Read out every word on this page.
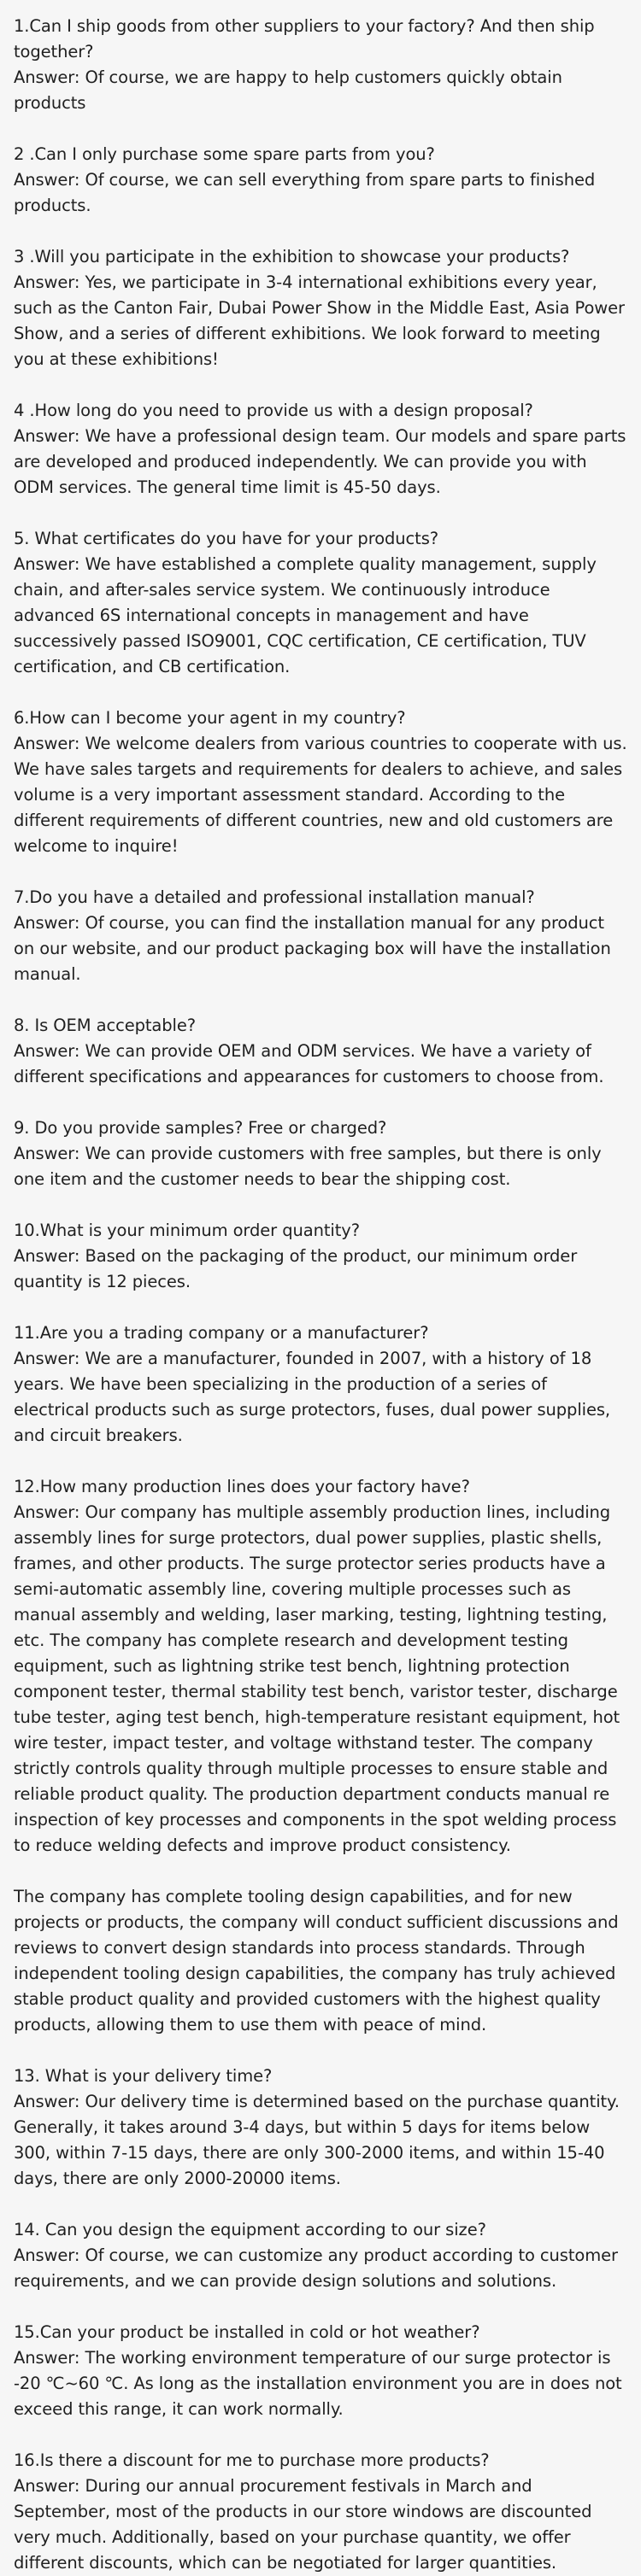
1.Can I ship goods from other suppliers to your factory? And then ship together?

Answer: Of course, we are happy to help customers quickly obtain products

2 .Can I only purchase some spare parts from you?

Answer: Of course, we can sell everything from spare parts to finished products.

3 .Will you participate in the exhibition to showcase your products?

Answer: Yes, we participate in 3-4 international exhibitions every year, such as the Canton Fair, Dubai Power Show in the Middle East, Asia Power Show, and a series of different exhibitions. We look forward to meeting you at these exhibitions!

4 .How long do you need to provide us with a design proposal?

Answer: We have a professional design team. Our models and spare parts are developed and produced independently. We can provide you with ODM services. The general time limit is 45-50 days.

5. What certificates do you have for your products?

Answer: We have established a complete quality management, supply chain, and after-sales service system. We continuously introduce advanced 6S international concepts in management and have successively passed ISO9001, CQC certification, CE certification, TUV certification, and CB certification.

6.How can I become your agent in my country?

Answer: We welcome dealers from various countries to cooperate with us. We have sales targets and requirements for dealers to achieve, and sales volume is a very important assessment standard. According to the different requirements of different countries, new and old customers are welcome to inquire!

7.Do you have a detailed and professional installation manual?

Answer: Of course, you can find the installation manual for any product on our website, and our product packaging box will have the installation manual.

8. Is OEM acceptable?

Answer: We can provide OEM and ODM services. We have a variety of different specifications and appearances for customers to choose from.

9. Do you provide samples? Free or charged?

Answer: We can provide customers with free samples, but there is only one item and the customer needs to bear the shipping cost.

10.What is your minimum order quantity?

Answer: Based on the packaging of the product, our minimum order quantity is 12 pieces.

11.Are you a trading company or a manufacturer?

Answer: We are a manufacturer, founded in 2007, with a history of 18 years. We have been specializing in the production of a series of electrical products such as surge protectors, fuses, dual power supplies, and circuit breakers.

12.How many production lines does your factory have?

Answer: Our company has multiple assembly production lines, including assembly lines for surge protectors, dual power supplies, plastic shells, frames, and other products. The surge protector series products have a semi-automatic assembly line, covering multiple processes such as manual assembly and welding, laser marking, testing, lightning testing, etc. The company has complete research and development testing equipment, such as lightning strike test bench, lightning protection component tester, thermal stability test bench, varistor tester, discharge tube tester, aging test bench, high-temperature resistant equipment, hot wire tester, impact tester, and voltage withstand tester. The company strictly controls quality through multiple processes to ensure stable and reliable product quality. The production department conducts manual re inspection of key processes and components in the spot welding process to reduce welding defects and improve product consistency.

The company has complete tooling design capabilities, and for new projects or products, the company will conduct sufficient discussions and reviews to convert design standards into process standards. Through independent tooling design capabilities, the company has truly achieved stable product quality and provided customers with the highest quality products, allowing them to use them with peace of mind.

13. What is your delivery time?

Answer: Our delivery time is determined based on the purchase quantity. Generally, it takes around 3-4 days, but within 5 days for items below 300, within 7-15 days, there are only 300-2000 items, and within 15-40 days, there are only 2000-20000 items.

14. Can you design the equipment according to our size?

Answer: Of course, we can customize any product according to customer requirements, and we can provide design solutions and solutions.

15.Can your product be installed in cold or hot weather?

Answer: The working environment temperature of our surge protector is -20 ℃~60 ℃. As long as the installation environment you are in does not exceed this range, it can work normally.

16.Is there a discount for me to purchase more products?

Answer: During our annual procurement festivals in March and September, most of the products in our store windows are discounted very much. Additionally, based on your purchase quantity, we offer different discounts, which can be negotiated for larger quantities.
